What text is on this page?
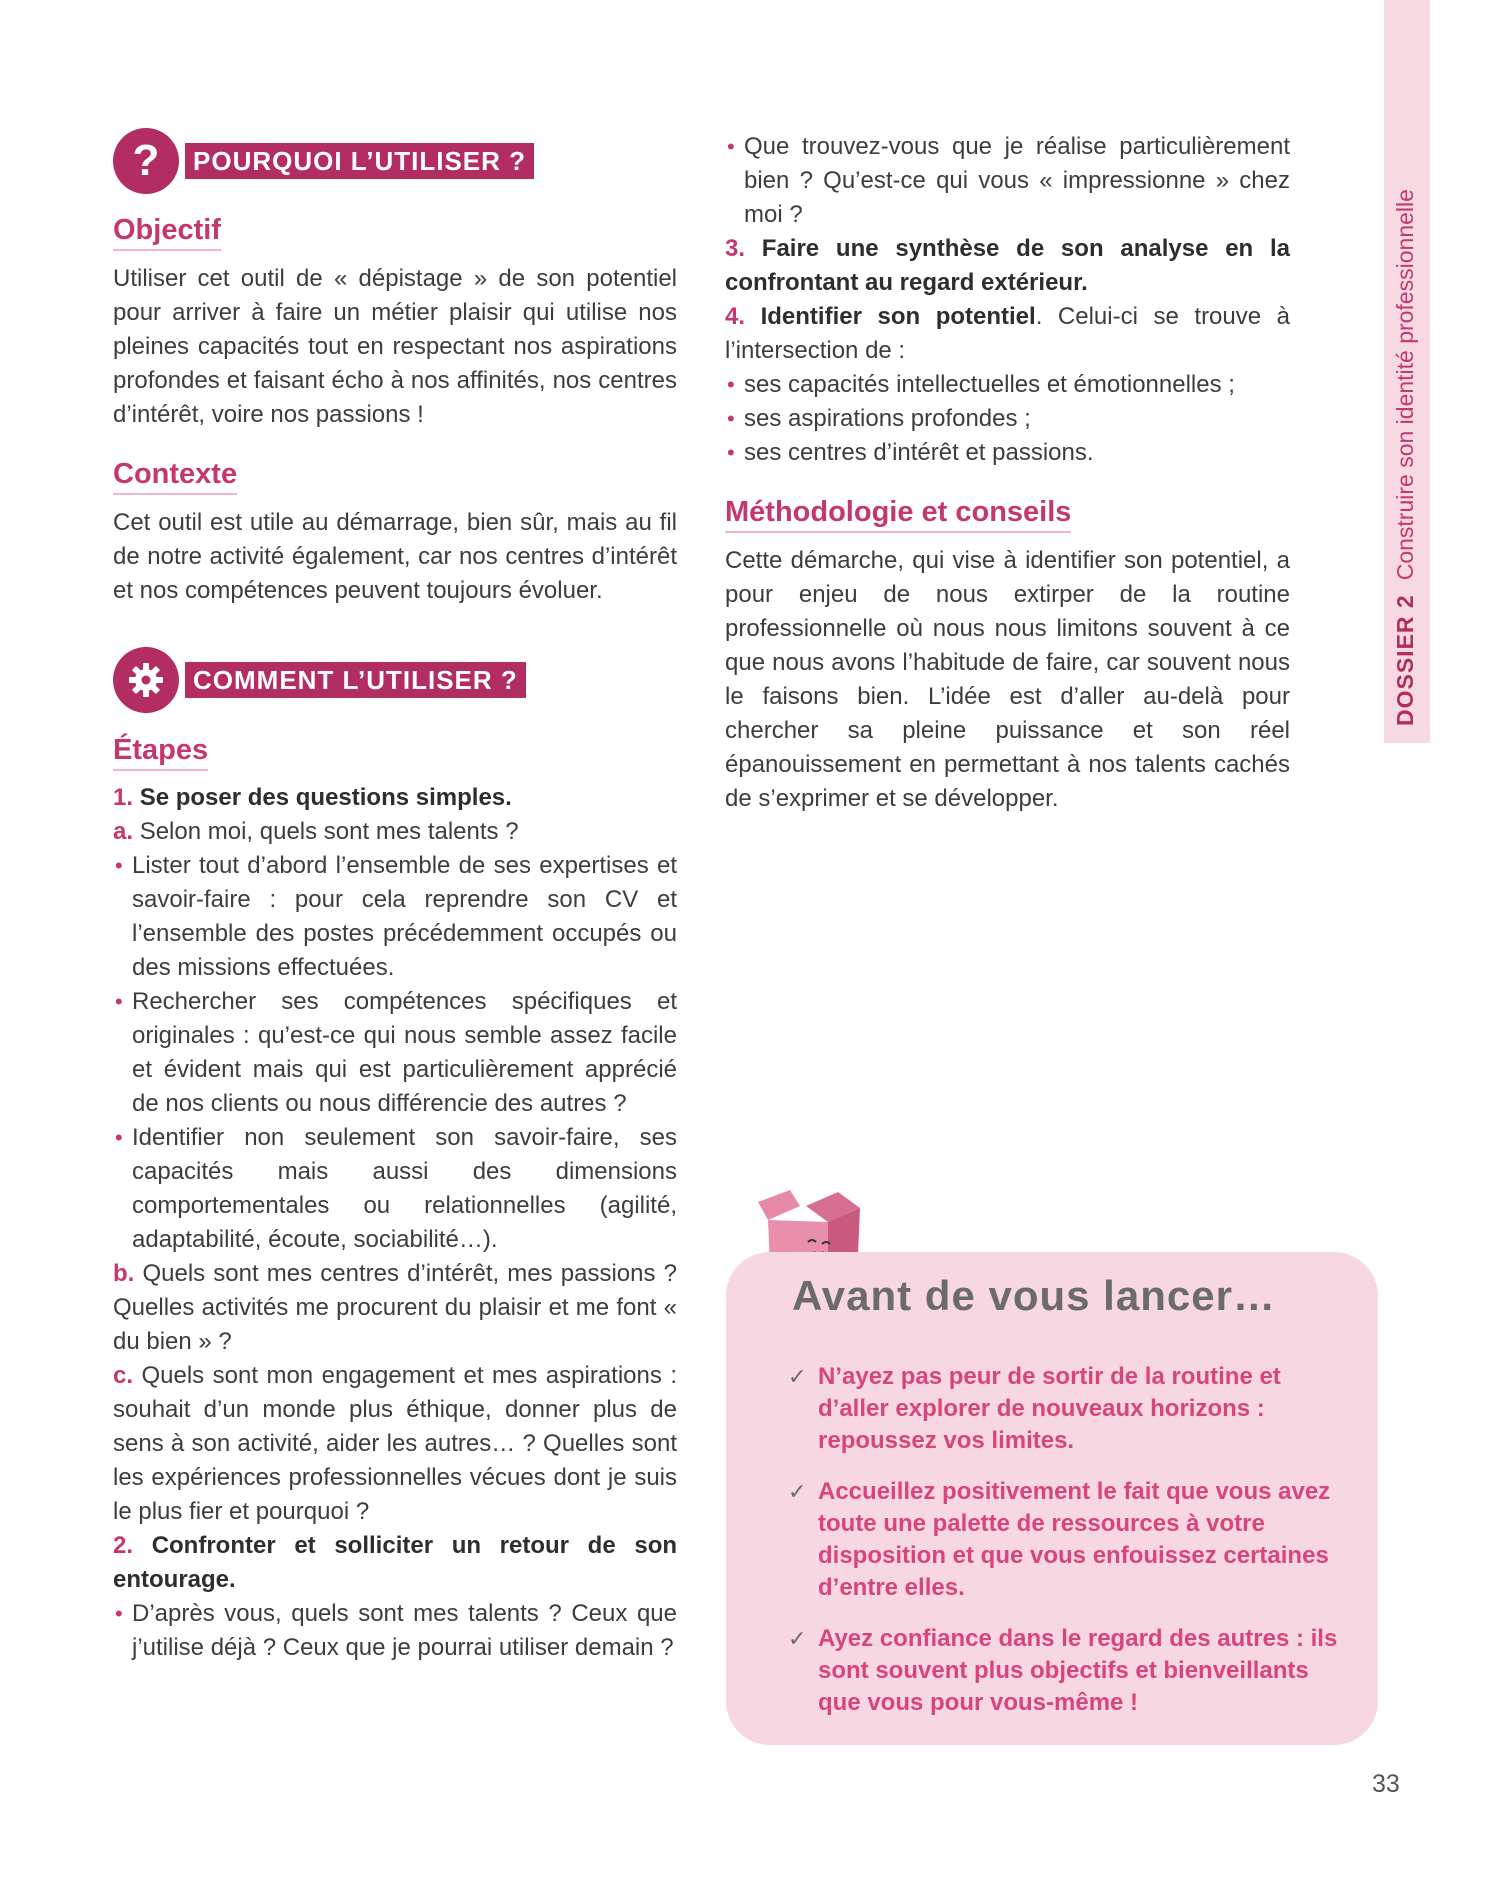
DOSSIER 2Construire son identité professionnelle
?	POURQUOI L’UTILISER ?
Objectif
Utiliser cet outil de « dépistage » de son potentiel pour arriver à faire un métier plaisir qui utilise nos pleines capacités tout en respectant nos aspirations profondes et faisant écho à nos affinités, nos centres d’intérêt, voire nos passions !
Contexte
Cet outil est utile au démarrage, bien sûr, mais au fil de notre activité également, car nos centres d’intérêt et nos compétences peuvent toujours évoluer.
COMMENT L’UTILISER ?
Étapes
1. Se poser des questions simples.
a. Selon moi, quels sont mes talents ?
• Lister tout d’abord l’ensemble de ses expertises et savoir-faire : pour cela reprendre son CV et l’ensemble des postes précédemment occupés ou des missions effectuées.
• Rechercher ses compétences spécifiques et originales : qu’est-ce qui nous semble assez facile et évident mais qui est particulièrement apprécié de nos clients ou nous différencie des autres ?
• Identifier non seulement son savoir-faire, ses capacités mais aussi des dimensions comportementales ou relationnelles (agilité, adaptabilité, écoute, sociabilité…).
b. Quels sont mes centres d’intérêt, mes passions ? Quelles activités me procurent du plaisir et me font « du bien » ?
c. Quels sont mon engagement et mes aspirations : souhait d’un monde plus éthique, donner plus de sens à son activité, aider les autres… ? Quelles sont les expériences professionnelles vécues dont je suis le plus fier et pourquoi ?
2. Confronter et solliciter un retour de son entourage.
• D’après vous, quels sont mes talents ? Ceux que j’utilise déjà ? Ceux que je pourrai utiliser demain ?
• Que trouvez-vous que je réalise particulièrement bien ? Qu’est-ce qui vous « impressionne » chez moi ?
3. Faire une synthèse de son analyse en la confrontant au regard extérieur.
4. Identifier son potentiel. Celui-ci se trouve à l’intersection de :
• ses capacités intellectuelles et émotionnelles ;
• ses aspirations profondes ;
• ses centres d’intérêt et passions.
Méthodologie et conseils
Cette démarche, qui vise à identifier son potentiel, a pour enjeu de nous extirper de la routine professionnelle où nous nous limitons souvent à ce que nous avons l’habitude de faire, car souvent nous le faisons bien. L’idée est d’aller au-delà pour chercher sa pleine puissance et son réel épanouissement en permettant à nos talents cachés de s’exprimer et se développer.
Avant de vous lancer…
✓ N’ayez pas peur de sortir de la routine et d’aller explorer de nouveaux horizons : repoussez vos limites.
✓ Accueillez positivement le fait que vous avez toute une palette de ressources à votre disposition et que vous enfouissez certaines d’entre elles.
✓ Ayez confiance dans le regard des autres : ils sont souvent plus objectifs et bienveillants que vous pour vous-même !
33
